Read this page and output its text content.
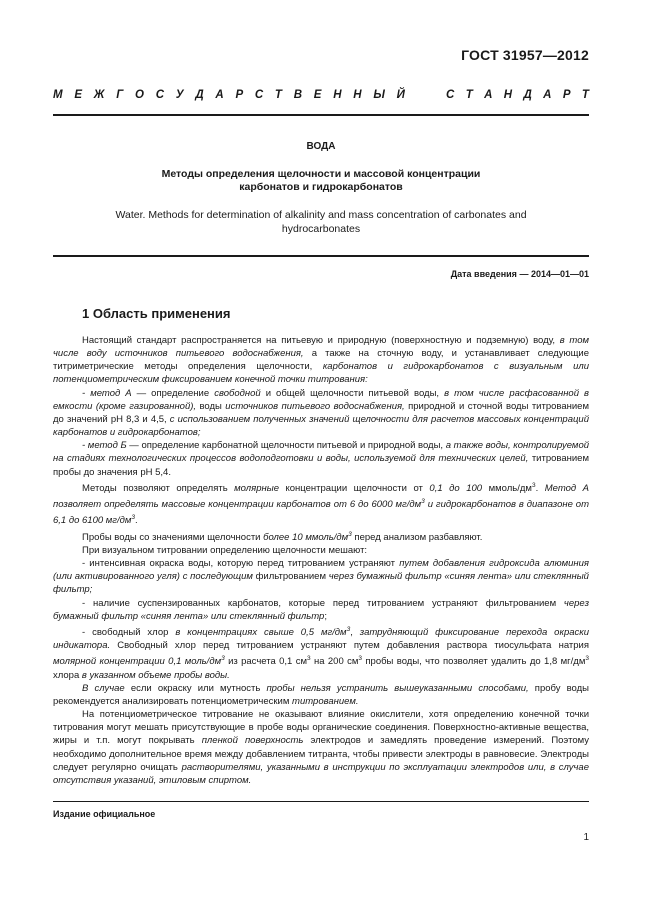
ГОСТ 31957—2012
М Е Ж Г О С У Д А Р С Т В Е Н Н Ы Й	С Т А Н Д А Р Т
ВОДА
Методы определения щелочности и массовой концентрации
карбонатов и гидрокарбонатов
Water. Methods for determination of alkalinity and mass concentration of carbonates and
hydrocarbonates
Дата введения — 2014—01—01
1 Область применения

Настоящий стандарт распространяется на питьевую и природную (поверхностную и подземную) воду, в том числе воду источников питьевого водоснабжения, а также на сточную воду, и устанавливает следующие титриметрические методы определения щелочности, карбонатов и гидрокарбонатов с визуальным или потенциометрическим фиксированием конечной точки титрования:

- метод А — определение свободной и общей щелочности питьевой воды, в том числе расфасованной в емкости (кроме газированной), воды источников питьевого водоснабжения, природной и сточной воды титрованием до значений рН 8,3 и 4,5, с использованием полученных значений щелочности для расчетов массовых концентраций карбонатов и гидрокарбонатов;

- метод Б — определение карбонатной щелочности питьевой и природной воды, а также воды, контролируемой на стадиях технологических процессов водоподготовки и воды, используемой для технических целей, титрованием пробы до значения рН 5,4.

Методы позволяют определять молярные концентрации щелочности от 0,1 до 100 ммоль/$дм^3$. Метод А позволяет определять массовые концентрации карбонатов от 6 до 6000 $мг/дм^3$ и гидрокарбонатов в диапазоне от 6,1 до 6100 $мг/дм^3$.

Пробы воды со значениями щелочности более 10 ммоль/$дм^3$ перед анализом разбавляют.

При визуальном титровании определению щелочности мешают:

- интенсивная окраска воды, которую перед титрованием устраняют путем добавления гидроксида алюминия (или активированного угля) с последующим фильтрованием через бумажный фильтр «синяя лента» или стеклянный фильтр;

- наличие суспензированных карбонатов, которые перед титрованием устраняют фильтрованием через бумажный фильтр «синяя лента» или стеклянный фильтр;

- свободный хлор в концентрациях свыше 0,5 $мг/дм^3$, затрудняющий фиксирование перехода окраски индикатора. Свободный хлор перед титрованием устраняют путем добавления раствора тиосульфата натрия молярной концентрации 0,1 моль/$дм^3$ из расчета 0,1 $см^3$ на 200 $см^3$ пробы воды, что позволяет удалить до 1,8 $мг/дм^3$ хлора в указанном объеме пробы воды.

В случае если окраску или мутность пробы нельзя устранить вышеуказанными способами, пробу воды рекомендуется анализировать потенциометрическим титрованием.

На потенциометрическое титрование не оказывают влияние окислители, хотя определению конечной точки титрования могут мешать присутствующие в пробе воды органические соединения. Поверхностно-активные вещества, жиры и т.п. могут покрывать пленкой поверхность электродов и замедлять проведение измерений. Поэтому необходимо дополнительное время между добавлением титранта, чтобы привести электроды в равновесие. Электроды следует регулярно очищать растворителями, указанными в инструкции по эксплуатации электродов или, в случае отсутствия указаний, этиловым спиртом.

Издание официальное
1
